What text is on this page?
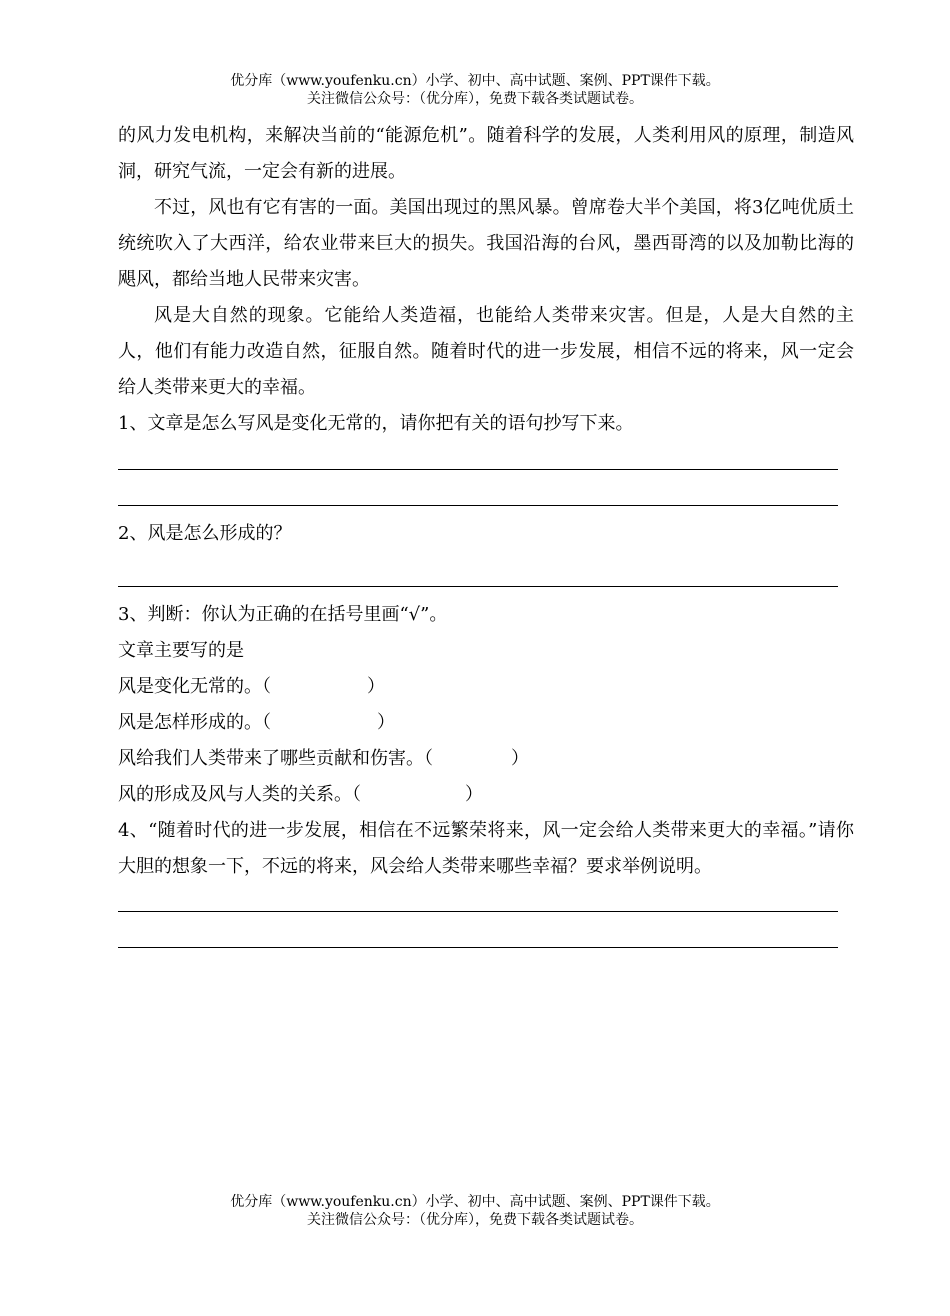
优分库（www.youfenku.cn）小学、初中、高中试题、案例、PPT课件下载。
关注微信公众号：（优分库），免费下载各类试题试卷。

的风力发电机构，来解决当前的“能源危机”。随着科学的发展，人类利用风的原理，制造风洞，研究气流，一定会有新的进展。

不过，风也有它有害的一面。美国出现过的黑风暴。曾席卷大半个美国，将3亿吨优质土统统吹入了大西洋，给农业带来巨大的损失。我国沿海的台风，墨西哥湾的以及加勒比海的飓风，都给当地人民带来灾害。

风是大自然的现象。它能给人类造福，也能给人类带来灾害。但是，人是大自然的主人，他们有能力改造自然，征服自然。随着时代的进一步发展，相信不远的将来，风一定会给人类带来更大的幸福。

1、文章是怎么写风是变化无常的，请你把有关的语句抄写下来。

2、风是怎么形成的？

3、判断：你认为正确的在括号里画“√”。

文章主要写的是

风是变化无常的。（	）

风是怎样形成的。（	）

风给我们人类带来了哪些贡献和伤害。（	）

风的形成及风与人类的关系。（	）

4、“随着时代的进一步发展，相信在不远繁荣将来，风一定会给人类带来更大的幸福。”请你大胆的想象一下，不远的将来，风会给人类带来哪些幸福？要求举例说明。

优分库（www.youfenku.cn）小学、初中、高中试题、案例、PPT课件下载。
关注微信公众号：（优分库），免费下载各类试题试卷。
